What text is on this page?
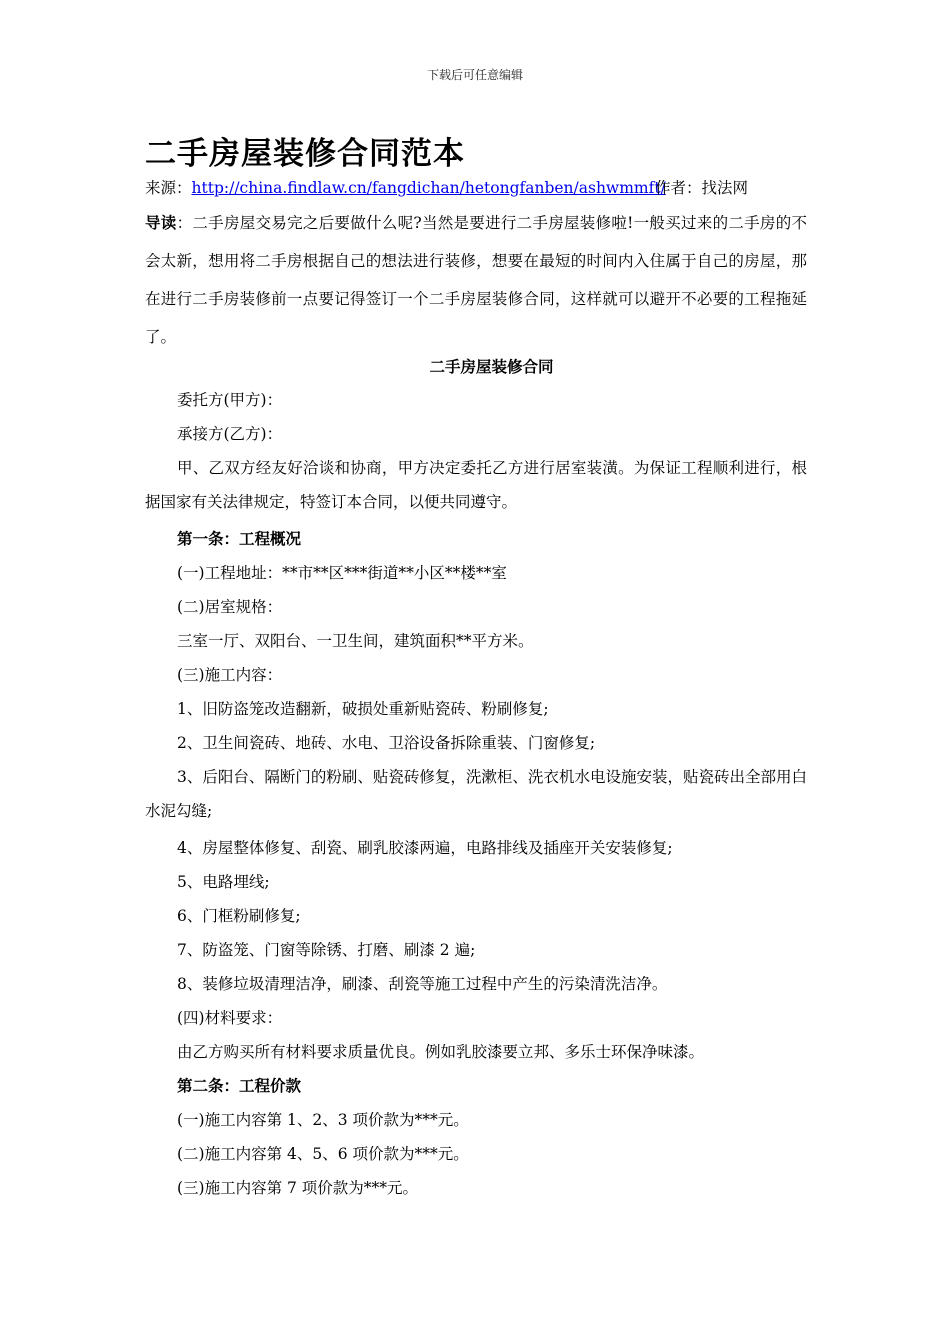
下载后可任意编辑
二手房屋装修合同范本
来源：http://china.findlaw.cn/fangdichan/hetongfanben/ashwmmft/
作者：找法网
导读：二手房屋交易完之后要做什么呢?当然是要进行二手房屋装修啦!一般买过来的二手房的不会太新，想用将二手房根据自己的想法进行装修，想要在最短的时间内入住属于自己的房屋，那在进行二手房装修前一点要记得签订一个二手房屋装修合同，这样就可以避开不必要的工程拖延了。
二手房屋装修合同
委托方(甲方)：
承接方(乙方)：
甲、乙双方经友好洽谈和协商，甲方决定委托乙方进行居室装潢。为保证工程顺利进行，根据国家有关法律规定，特签订本合同，以便共同遵守。
第一条：工程概况
(一)工程地址：**市**区***街道**小区**楼**室
(二)居室规格：
三室一厅、双阳台、一卫生间，建筑面积**平方米。
(三)施工内容：
1、旧防盗笼改造翻新，破损处重新贴瓷砖、粉刷修复;
2、卫生间瓷砖、地砖、水电、卫浴设备拆除重装、门窗修复;
3、后阳台、隔断门的粉刷、贴瓷砖修复，洗漱柜、洗衣机水电设施安装，贴瓷砖出全部用白水泥勾缝;
4、房屋整体修复、刮瓷、刷乳胶漆两遍，电路排线及插座开关安装修复;
5、电路埋线;
6、门框粉刷修复;
7、防盗笼、门窗等除锈、打磨、刷漆 2 遍;
8、装修垃圾清理洁净，刷漆、刮瓷等施工过程中产生的污染清洗洁净。
(四)材料要求：
由乙方购买所有材料要求质量优良。例如乳胶漆要立邦、多乐士环保净味漆。
第二条：工程价款
(一)施工内容第 1、2、3 项价款为***元。
(二)施工内容第 4、5、6 项价款为***元。
(三)施工内容第 7 项价款为***元。
